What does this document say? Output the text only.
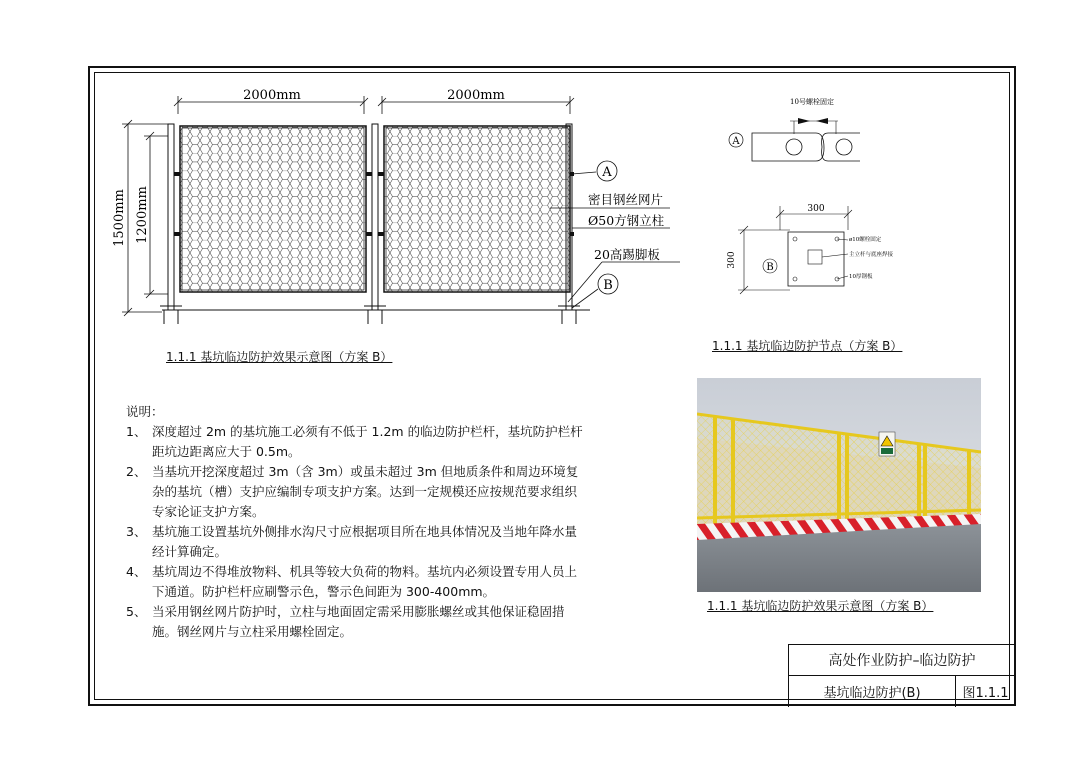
2000mm	2000mm
1500mm 1200mm
A
B
密目钢丝网片
Ø50方钢立柱
20高踢脚板
1.1.1 基坑临边防护效果示意图（方案 B）
10号螺栓固定
A
300
300	B
ø10螺栓固定
主立杆与底座焊接
10厚钢板
1.1.1 基坑临边防护节点（方案 B）
1.1.1 基坑临边防护效果示意图（方案 B）
说明：
1、 深度超过 2m 的基坑施工必须有不低于 1.2m 的临边防护栏杆，基坑防护栏杆距坑边距离应大于 0.5m。
2、 当基坑开挖深度超过 3m（含 3m）或虽未超过 3m 但地质条件和周边环境复杂的基坑（槽）支护应编制专项支护方案。达到一定规模还应按规范要求组织专家论证支护方案。
3、 基坑施工设置基坑外侧排水沟尺寸应根据项目所在地具体情况及当地年降水量经计算确定。
4、 基坑周边不得堆放物料、机具等较大负荷的物料。基坑内必须设置专用人员上下通道。防护栏杆应刷警示色，警示色间距为 300-400mm。
5、 当采用钢丝网片防护时，立柱与地面固定需采用膨胀螺丝或其他保证稳固措施。钢丝网片与立柱采用螺栓固定。
高处作业防护–临边防护
基坑临边防护(B)	图1.1.1
